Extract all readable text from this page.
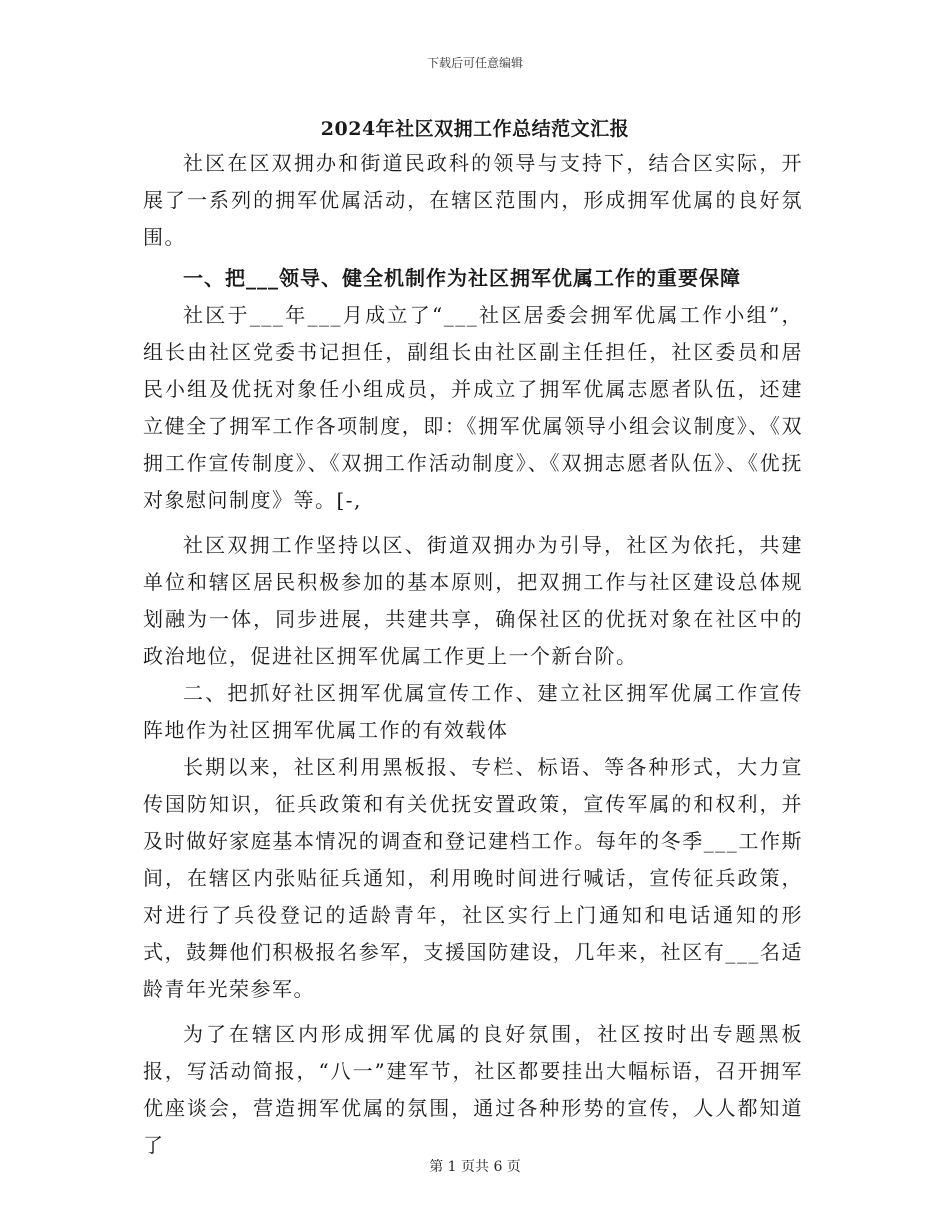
下载后可任意编辑
2024年社区双拥工作总结范文汇报

社区在区双拥办和街道民政科的领导与支持下，结合区实际，开展了一系列的拥军优属活动，在辖区范围内，形成拥军优属的良好氛围。

一、把___领导、健全机制作为社区拥军优属工作的重要保障

社区于___年___月成立了“___社区居委会拥军优属工作小组”，组长由社区党委书记担任，副组长由社区副主任担任，社区委员和居民小组及优抚对象任小组成员，并成立了拥军优属志愿者队伍，还建立健全了拥军工作各项制度，即：《拥军优属领导小组会议制度》、《双拥工作宣传制度》、《双拥工作活动制度》、《双拥志愿者队伍》、《优抚对象慰问制度》等。[-,

社区双拥工作坚持以区、街道双拥办为引导，社区为依托，共建单位和辖区居民积极参加的基本原则，把双拥工作与社区建设总体规划融为一体，同步进展，共建共享，确保社区的优抚对象在社区中的政治地位，促进社区拥军优属工作更上一个新台阶。

二、把抓好社区拥军优属宣传工作、建立社区拥军优属工作宣传阵地作为社区拥军优属工作的有效载体

长期以来，社区利用黑板报、专栏、标语、等各种形式，大力宣传国防知识，征兵政策和有关优抚安置政策，宣传军属的和权利，并及时做好家庭基本情况的调查和登记建档工作。每年的冬季___工作斯间，在辖区内张贴征兵通知，利用晚时间进行喊话，宣传征兵政策，对进行了兵役登记的适龄青年，社区实行上门通知和电话通知的形式，鼓舞他们积极报名参军，支援国防建设，几年来，社区有___名适龄青年光荣参军。

为了在辖区内形成拥军优属的良好氛围，社区按时出专题黑板报，写活动简报，“八一”建军节，社区都要挂出大幅标语，召开拥军优座谈会，营造拥军优属的氛围，通过各种形势的宣传，人人都知道了

第 1 页共 6 页
